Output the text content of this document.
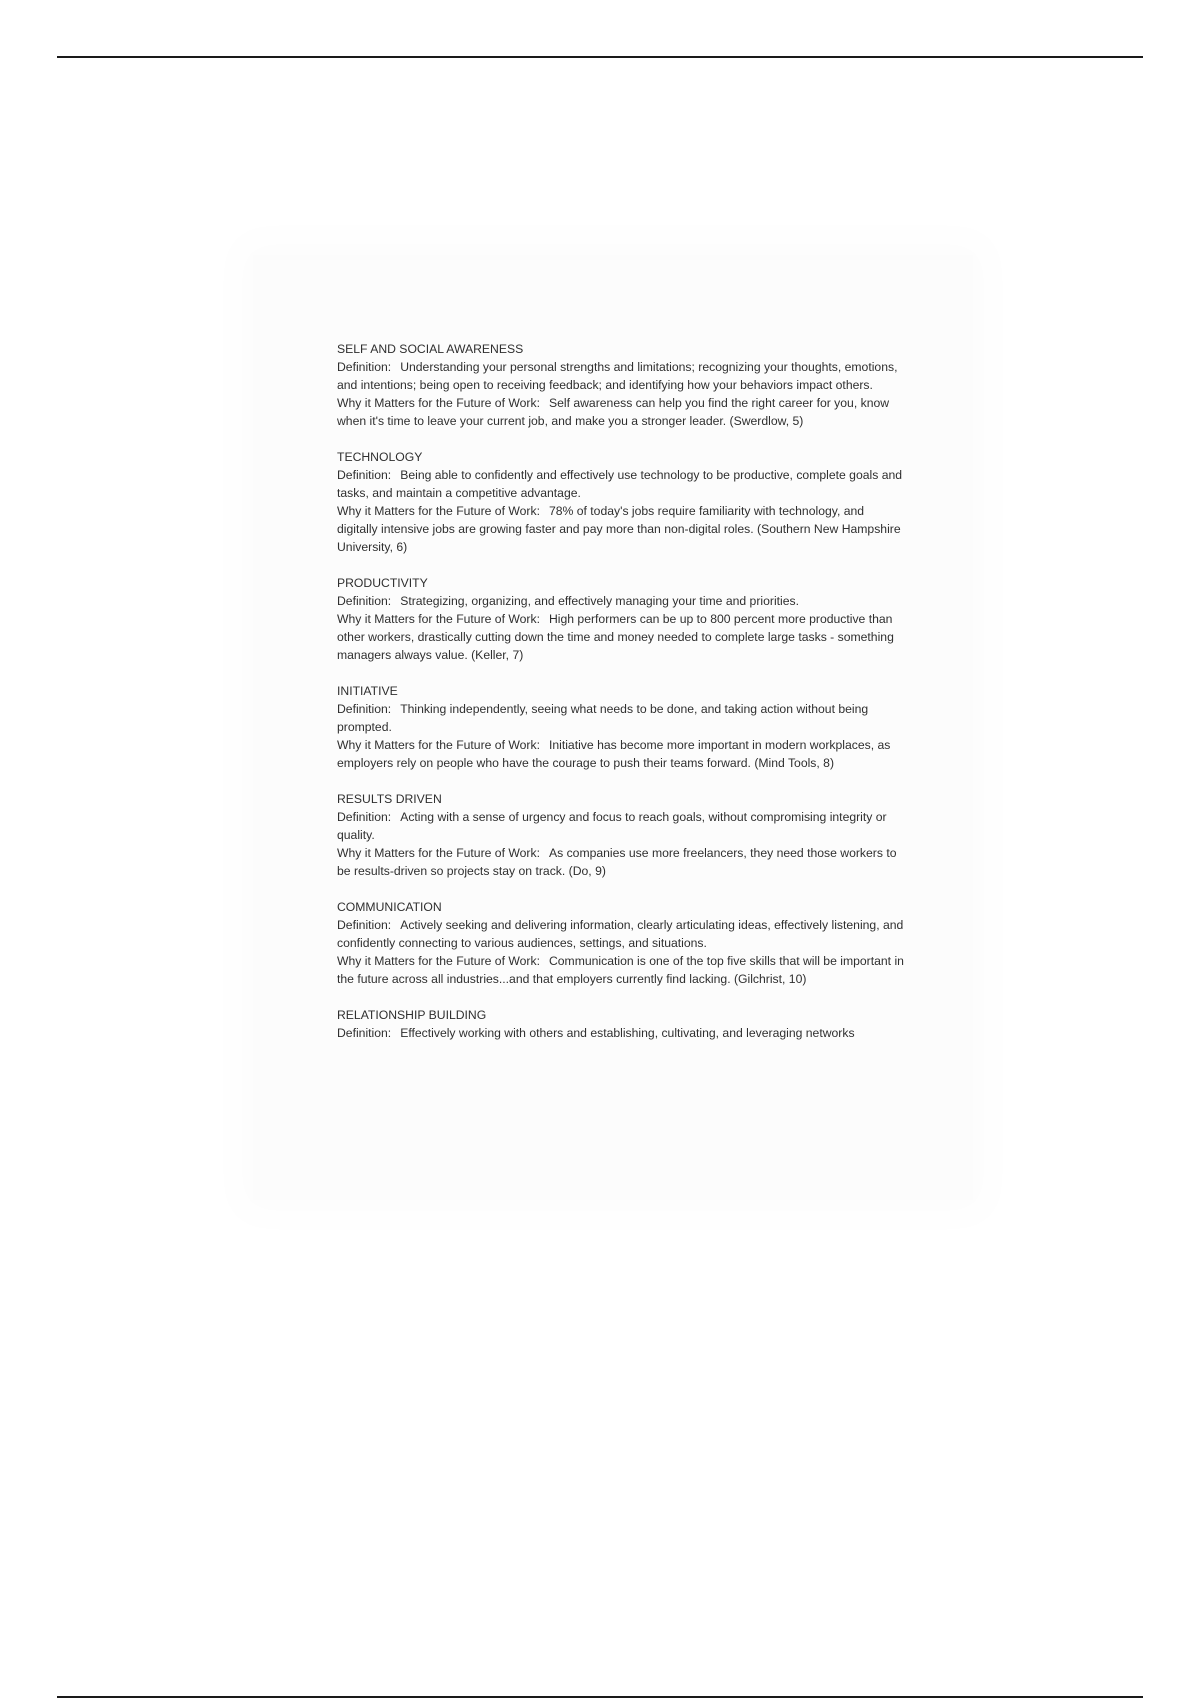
SELF AND SOCIAL AWARENESS
Definition: Understanding your personal strengths and limitations; recognizing your thoughts, emotions, and intentions; being open to receiving feedback; and identifying how your behaviors impact others.
Why it Matters for the Future of Work: Self awareness can help you find the right career for you, know when it's time to leave your current job, and make you a stronger leader. (Swerdlow, 5)
TECHNOLOGY
Definition: Being able to confidently and effectively use technology to be productive, complete goals and tasks, and maintain a competitive advantage.
Why it Matters for the Future of Work: 78% of today's jobs require familiarity with technology, and digitally intensive jobs are growing faster and pay more than non-digital roles. (Southern New Hampshire University, 6)
PRODUCTIVITY
Definition: Strategizing, organizing, and effectively managing your time and priorities.
Why it Matters for the Future of Work: High performers can be up to 800 percent more productive than other workers, drastically cutting down the time and money needed to complete large tasks - something managers always value. (Keller, 7)
INITIATIVE
Definition: Thinking independently, seeing what needs to be done, and taking action without being prompted.
Why it Matters for the Future of Work: Initiative has become more important in modern workplaces, as employers rely on people who have the courage to push their teams forward. (Mind Tools, 8)
RESULTS DRIVEN
Definition: Acting with a sense of urgency and focus to reach goals, without compromising integrity or quality.
Why it Matters for the Future of Work: As companies use more freelancers, they need those workers to be results-driven so projects stay on track. (Do, 9)
COMMUNICATION
Definition: Actively seeking and delivering information, clearly articulating ideas, effectively listening, and confidently connecting to various audiences, settings, and situations.
Why it Matters for the Future of Work: Communication is one of the top five skills that will be important in the future across all industries...and that employers currently find lacking. (Gilchrist, 10)
RELATIONSHIP BUILDING
Definition: Effectively working with others and establishing, cultivating, and leveraging networks
